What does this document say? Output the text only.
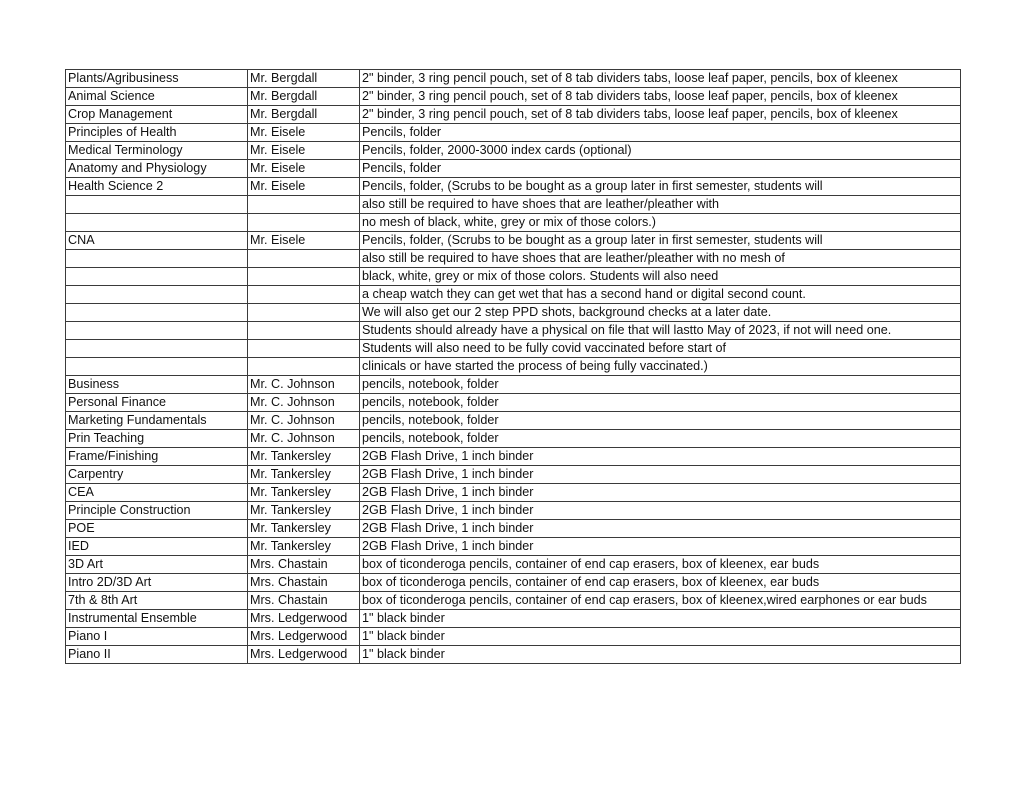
Plants/Agribusiness	Mr. Bergdall	2" binder, 3 ring pencil pouch, set of 8 tab dividers tabs, loose leaf paper, pencils, box of kleenex
Animal Science	Mr. Bergdall	2" binder, 3 ring pencil pouch, set of 8 tab dividers tabs, loose leaf paper, pencils, box of kleenex
Crop Management	Mr. Bergdall	2" binder, 3 ring pencil pouch, set of 8 tab dividers tabs, loose leaf paper, pencils, box of kleenex
Principles of Health	Mr. Eisele	Pencils, folder
Medical Terminology	Mr. Eisele	Pencils, folder, 2000-3000 index cards (optional)
Anatomy and Physiology	Mr. Eisele	Pencils, folder
Health Science 2	Mr. Eisele	Pencils, folder, (Scrubs to be bought as a group later in first semester, students will
		also still be required to have shoes that are leather/pleather with
		no mesh of black, white, grey or mix of those colors.)
CNA	Mr. Eisele	Pencils, folder, (Scrubs to be bought as a group later in first semester, students will
		also still be required to have shoes that are leather/pleather with no mesh of
		black, white, grey or mix of those colors. Students will also need
		a cheap watch they can get wet that has a second hand or digital second count.
		We will also get our 2 step PPD shots, background checks at a later date.
		Students should already have a physical on file that will lastto May of 2023, if not will need one.
		Students will also need to be fully covid vaccinated before start of
		clinicals or have started the process of being fully vaccinated.)
Business	Mr. C. Johnson	pencils, notebook, folder
Personal Finance	Mr. C. Johnson	pencils, notebook, folder
Marketing Fundamentals	Mr. C. Johnson	pencils, notebook, folder
Prin Teaching	Mr. C. Johnson	pencils, notebook, folder
Frame/Finishing	Mr. Tankersley	2GB Flash Drive, 1 inch binder
Carpentry	Mr. Tankersley	2GB Flash Drive, 1 inch binder
CEA	Mr. Tankersley	2GB Flash Drive, 1 inch binder
Principle Construction	Mr. Tankersley	2GB Flash Drive, 1 inch binder
POE	Mr. Tankersley	2GB Flash Drive, 1 inch binder
IED	Mr. Tankersley	2GB Flash Drive, 1 inch binder
3D Art	Mrs. Chastain	box of ticonderoga pencils, container of end cap erasers, box of kleenex, ear buds
Intro 2D/3D Art	Mrs. Chastain	box of ticonderoga pencils, container of end cap erasers, box of kleenex, ear buds
7th & 8th Art	Mrs. Chastain	box of ticonderoga pencils, container of end cap erasers, box of kleenex,wired earphones or ear buds
Instrumental Ensemble	Mrs. Ledgerwood	1" black binder
Piano I	Mrs. Ledgerwood	1" black binder
Piano II	Mrs. Ledgerwood	1" black binder
